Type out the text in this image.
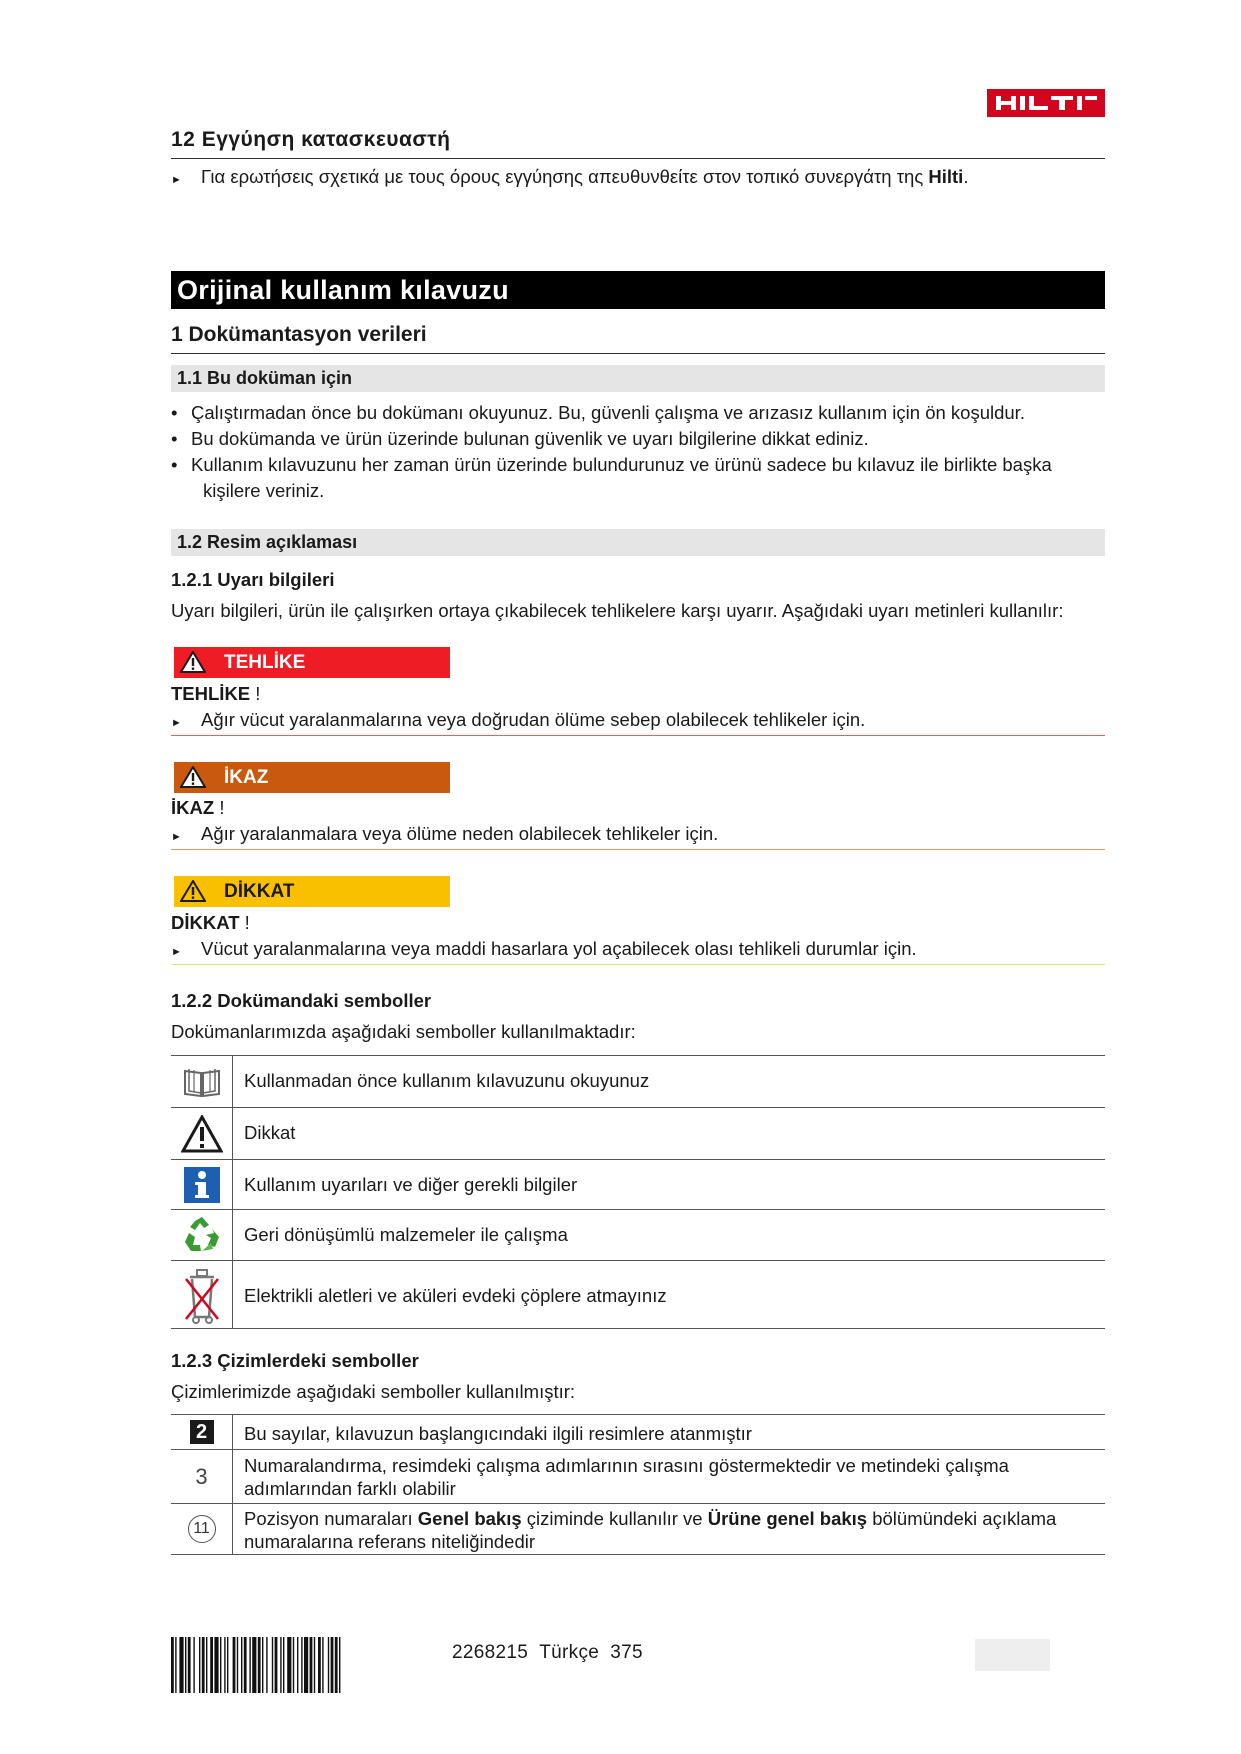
12 Εγγύηση κατασκευαστή
► Για ερωτήσεις σχετικά με τους όρους εγγύησης απευθυνθείτε στον τοπικό συνεργάτη της Hilti.
Orijinal kullanım kılavuzu
1 Dokümantasyon verileri
1.1 Bu doküman için
• Çalıştırmadan önce bu dokümanı okuyunuz. Bu, güvenli çalışma ve arızasız kullanım için ön koşuldur.
• Bu dokümanda ve ürün üzerinde bulunan güvenlik ve uyarı bilgilerine dikkat ediniz.
• Kullanım kılavuzunu her zaman ürün üzerinde bulundurunuz ve ürünü sadece bu kılavuz ile birlikte başka
kişilere veriniz.
1.2 Resim açıklaması
1.2.1 Uyarı bilgileri
Uyarı bilgileri, ürün ile çalışırken ortaya çıkabilecek tehlikelere karşı uyarır. Aşağıdaki uyarı metinleri kullanılır:
TEHLİKE
TEHLİKE !
► Ağır vücut yaralanmalarına veya doğrudan ölüme sebep olabilecek tehlikeler için.
İKAZ
İKAZ !
► Ağır yaralanmalara veya ölüme neden olabilecek tehlikeler için.
DİKKAT
DİKKAT !
► Vücut yaralanmalarına veya maddi hasarlara yol açabilecek olası tehlikeli durumlar için.
1.2.2 Dokümandaki semboller
Dokümanlarımızda aşağıdaki semboller kullanılmaktadır:
Kullanmadan önce kullanım kılavuzunu okuyunuz
Dikkat
Kullanım uyarıları ve diğer gerekli bilgiler
Geri dönüşümlü malzemeler ile çalışma
Elektrikli aletleri ve aküleri evdeki çöplere atmayınız
1.2.3 Çizimlerdeki semboller
Çizimlerimizde aşağıdaki semboller kullanılmıştır:
2	Bu sayılar, kılavuzun başlangıcındaki ilgili resimlere atanmıştır
3 Numaralandırma, resimdeki çalışma adımlarının sırasını göstermektedir ve metindeki çalışma
adımlarından farklı olabilir
11	Pozisyon numaraları Genel bakış çiziminde kullanılır ve Ürüne genel bakış bölümündeki açıklama
numaralarına referans niteliğindedir
2268215 Türkçe 375
